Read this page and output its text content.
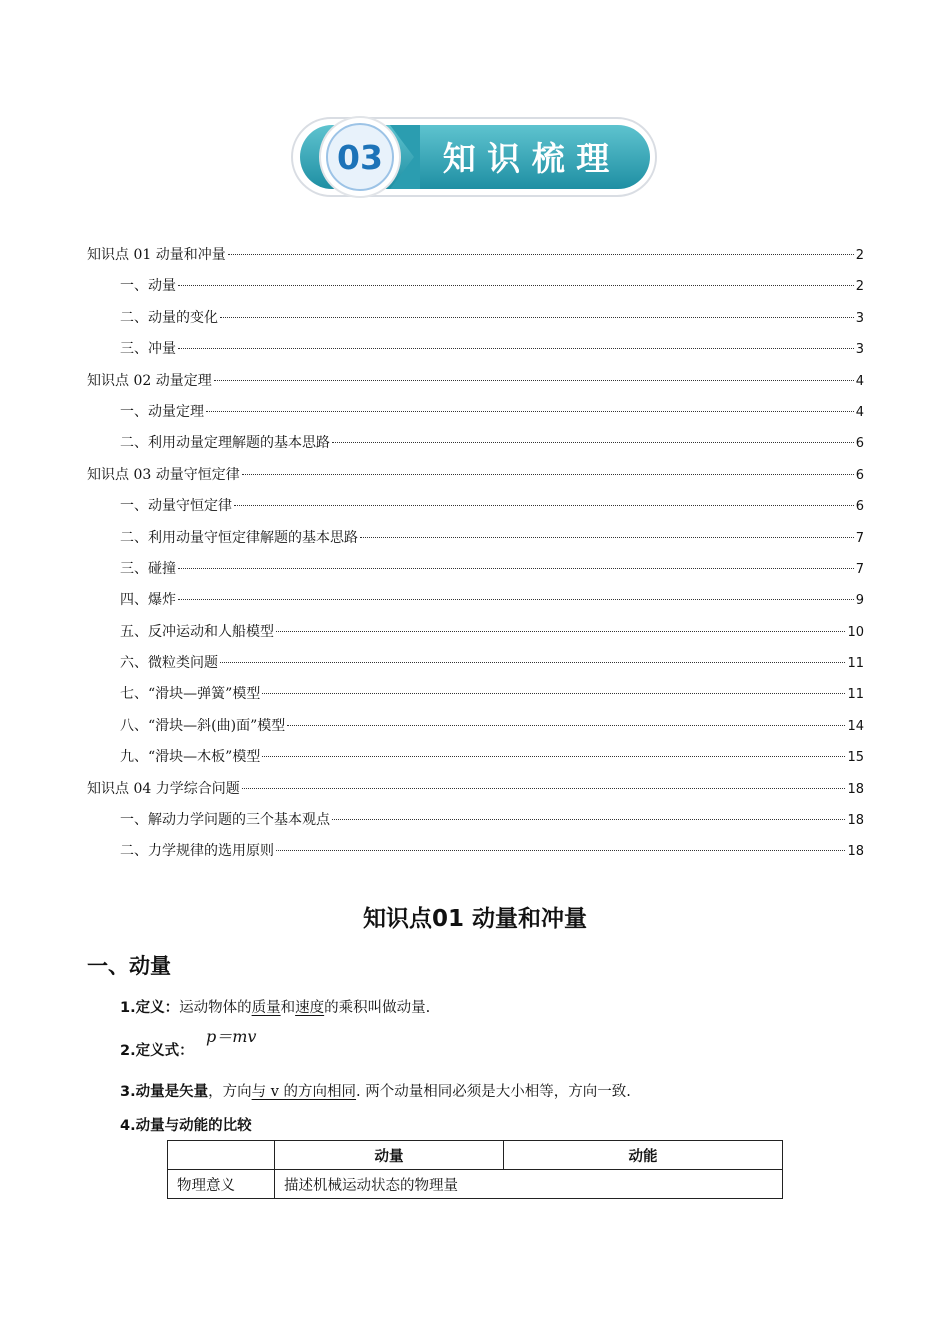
03 知 识 梳 理
知识点 01 动量和冲量	2
一、动量	2
二、动量的变化	3
三、冲量	3
知识点 02 动量定理	4
一、动量定理	4
二、利用动量定理解题的基本思路	6
知识点 03 动量守恒定律	6
一、动量守恒定律	6
二、利用动量守恒定律解题的基本思路	7
三、碰撞	7
四、爆炸	9
五、反冲运动和人船模型	10
六、微粒类问题	11
七、“滑块—弹簧”模型	11
八、“滑块—斜(曲)面”模型	14
九、“滑块—木板”模型	15
知识点 04 力学综合问题	18
一、解动力学问题的三个基本观点	18
二、力学规律的选用原则	18
知识点01 动量和冲量
一、动量
1.定义：运动物体的质量和速度的乘积叫做动量.
2.定义式：
p＝mv
3.动量是矢量，方向与 v 的方向相同. 两个动量相同必须是大小相等，方向一致.
4.动量与动能的比较
	动量	动能
物理意义	描述机械运动状态的物理量	
